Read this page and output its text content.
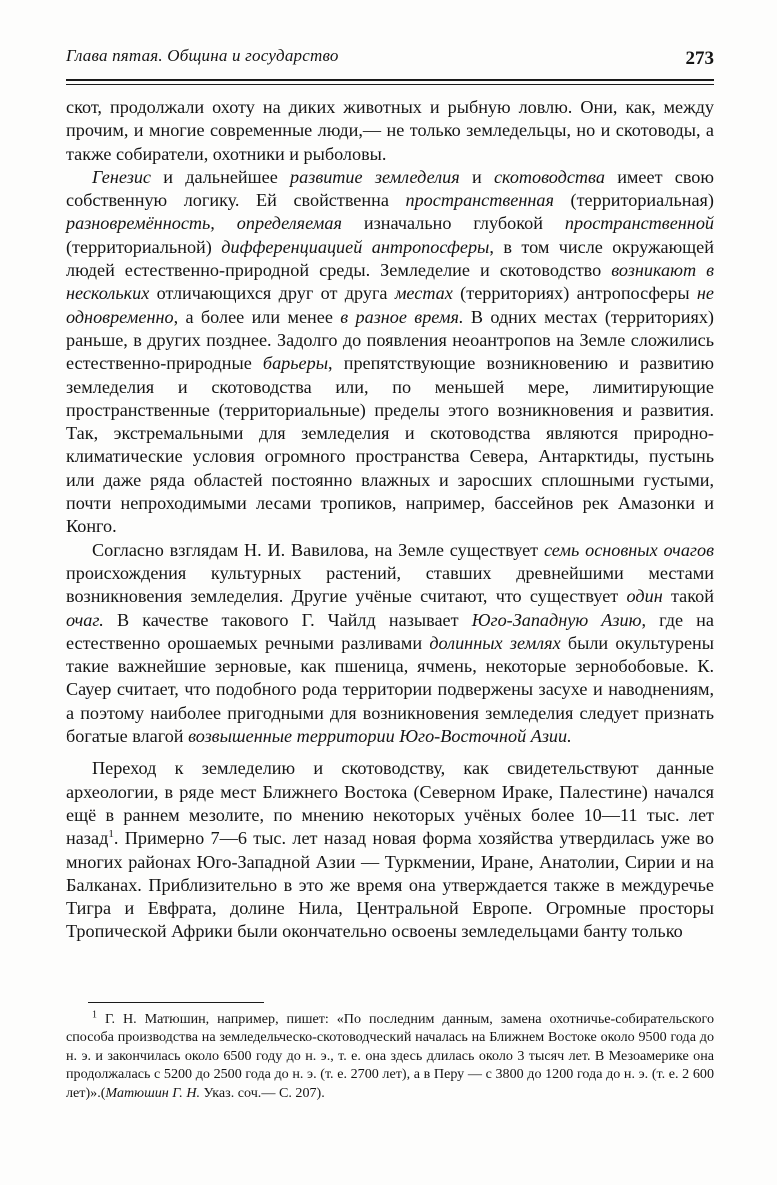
Глава пятая. Община и государство	273

скот, продолжали охоту на диких животных и рыбную ловлю. Они, как, между прочим, и многие современные люди,— не только земледельцы, но и скотоводы, а также собиратели, охотники и рыболовы.

Генезис и дальнейшее развитие земледелия и скотоводства имеет свою собственную логику. Ей свойственна пространственная (территориальная) разновремённость, определяемая изначально глубокой пространственной (территориальной) дифференциацией антропосферы, в том числе окружающей людей естественно-природной среды. Земледелие и скотоводство возникают в нескольких отличающихся друг от друга местах (территориях) антропосферы не одновременно, а более или менее в разное время. В одних местах (территориях) раньше, в других позднее. Задолго до появления неоантропов на Земле сложились естественно-природные барьеры, препятствующие возникновению и развитию земледелия и скотоводства или, по меньшей мере, лимитирующие пространственные (территориальные) пределы этого возникновения и развития. Так, экстремальными для земледелия и скотоводства являются природно-климатические условия огромного пространства Севера, Антарктиды, пустынь или даже ряда областей постоянно влажных и заросших сплошными густыми, почти непроходимыми лесами тропиков, например, бассейнов рек Амазонки и Конго.

Согласно взглядам Н. И. Вавилова, на Земле существует семь основных очагов происхождения культурных растений, ставших древнейшими местами возникновения земледелия. Другие учёные считают, что существует один такой очаг. В качестве такового Г. Чайлд называет Юго-Западную Азию, где на естественно орошаемых речными разливами долинных землях были окультурены такие важнейшие зерновые, как пшеница, ячмень, некоторые зернобобовые. К. Сауер считает, что подобного рода территории подвержены засухе и наводнениям, а поэтому наиболее пригодными для возникновения земледелия следует признать богатые влагой возвышенные территории Юго-Восточной Азии.

Переход к земледелию и скотоводству, как свидетельствуют данные археологии, в ряде мест Ближнего Востока (Северном Ираке, Палестине) начался ещё в раннем мезолите, по мнению некоторых учёных более 10—11 тыс. лет назад$^1$. Примерно 7—6 тыс. лет назад новая форма хозяйства утвердилась уже во многих районах Юго-Западной Азии — Туркмении, Иране, Анатолии, Сирии и на Балканах. Приблизительно в это же время она утверждается также в междуречье Тигра и Евфрата, долине Нила, Центральной Европе. Огромные просторы Тропической Африки были окончательно освоены земледельцами банту только

$^1$ Г. Н. Матюшин, например, пишет: «По последним данным, замена охотничье-собирательского способа производства на земледельческо-скотоводческий началась на Ближнем Востоке около 9500 года до н. э. и закончилась около 6500 году до н. э., т. е. она здесь длилась около 3 тысяч лет. В Мезоамерике она продолжалась с 5200 до 2500 года до н. э. (т. е. 2700 лет), а в Перу — с 3800 до 1200 года до н. э. (т. е. 2 600 лет)».(Матюшин Г. Н. Указ. соч.— С. 207).
